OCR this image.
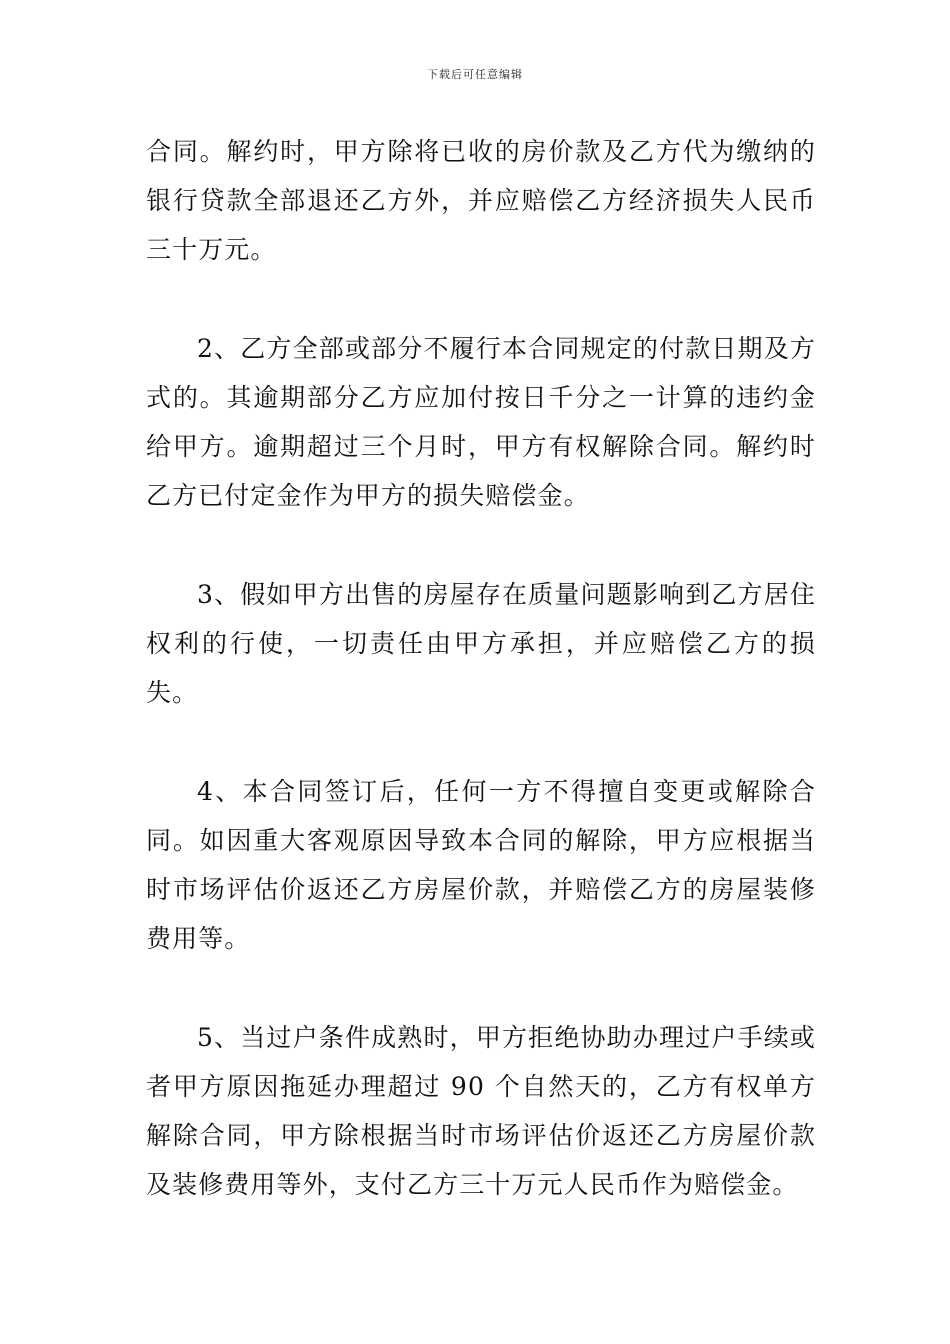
下载后可任意编辑

合同。解约时，甲方除将已收的房价款及乙方代为缴纳的银行贷款全部退还乙方外，并应赔偿乙方经济损失人民币三十万元。

2、乙方全部或部分不履行本合同规定的付款日期及方式的。其逾期部分乙方应加付按日千分之一计算的违约金给甲方。逾期超过三个月时，甲方有权解除合同。解约时乙方已付定金作为甲方的损失赔偿金。

3、假如甲方出售的房屋存在质量问题影响到乙方居住权利的行使，一切责任由甲方承担，并应赔偿乙方的损失。

4、本合同签订后，任何一方不得擅自变更或解除合同。如因重大客观原因导致本合同的解除，甲方应根据当时市场评估价返还乙方房屋价款，并赔偿乙方的房屋装修费用等。

5、当过户条件成熟时，甲方拒绝协助办理过户手续或者甲方原因拖延办理超过 90 个自然天的，乙方有权单方解除合同，甲方除根据当时市场评估价返还乙方房屋价款及装修费用等外，支付乙方三十万元人民币作为赔偿金。
